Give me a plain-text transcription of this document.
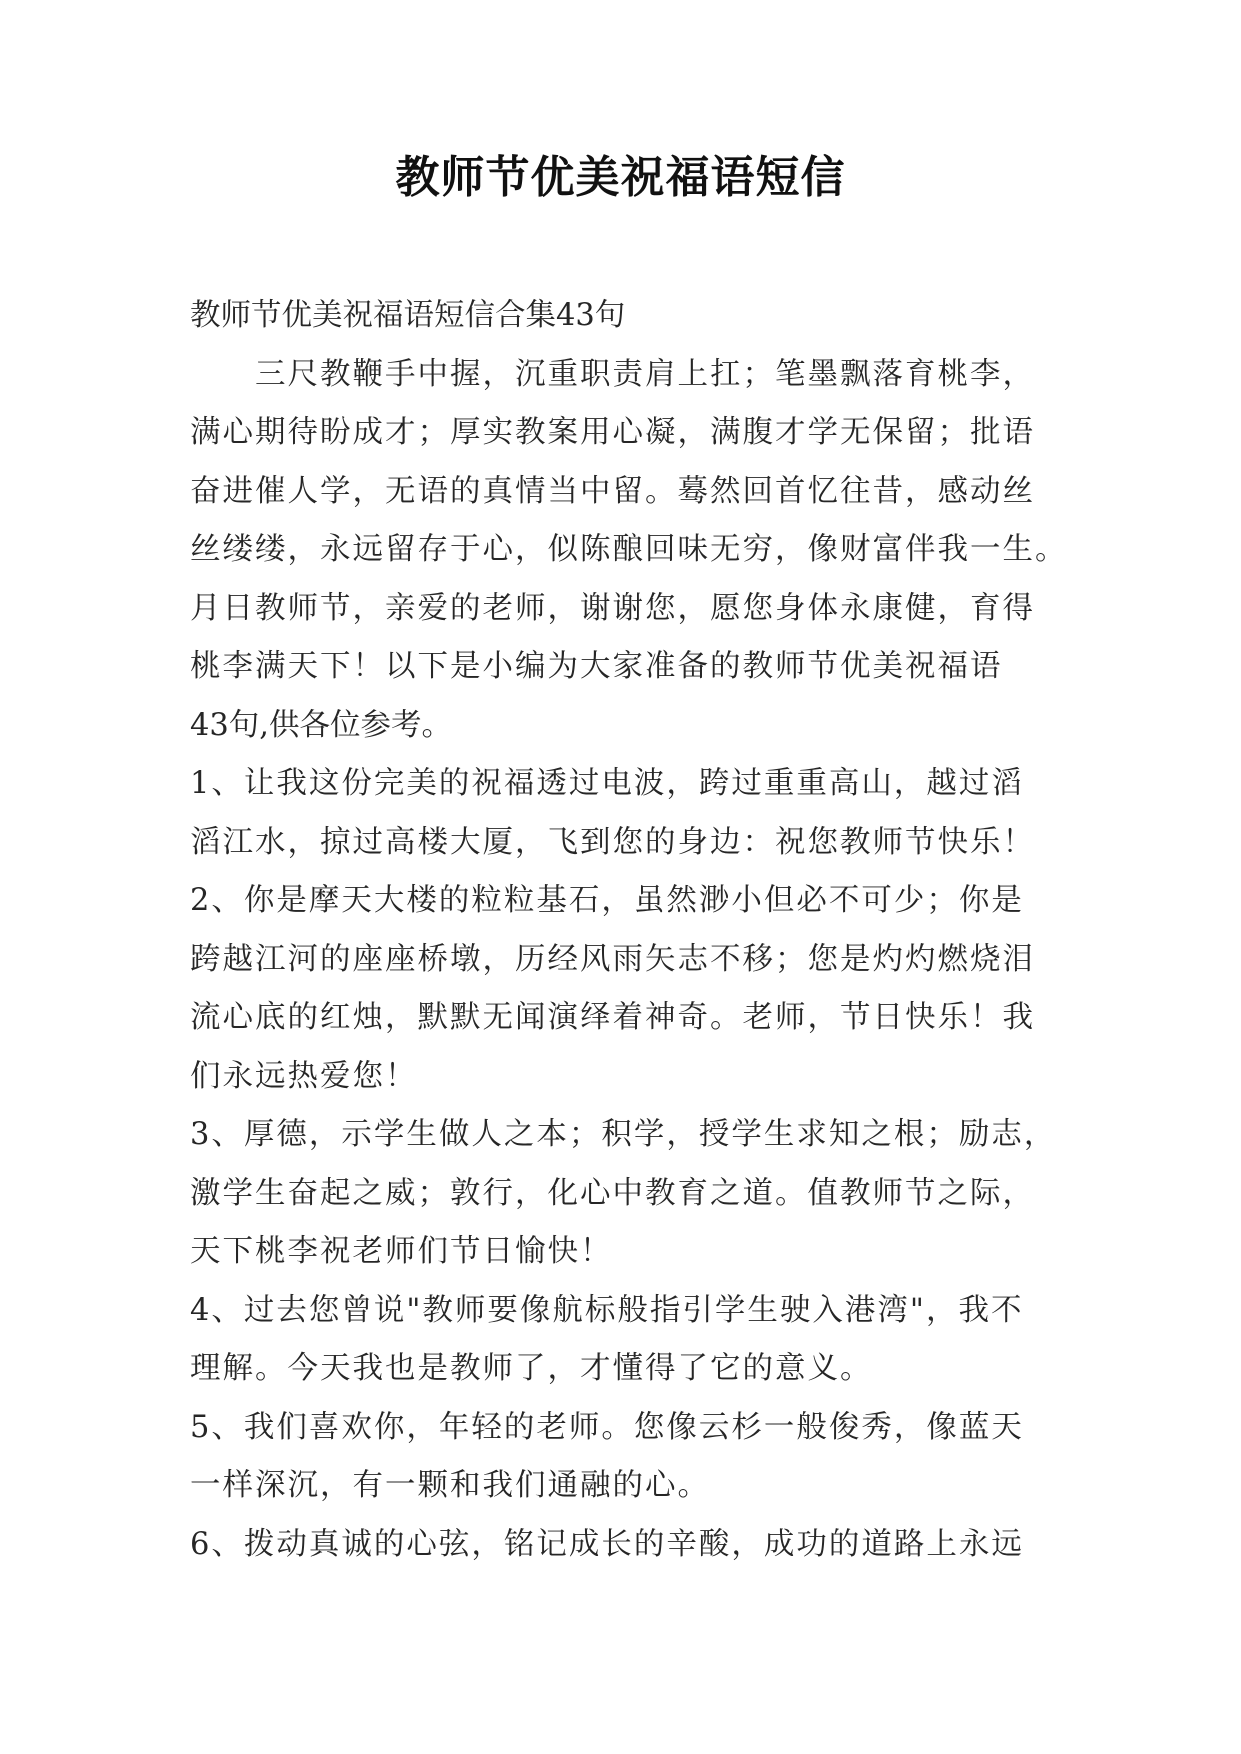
教师节优美祝福语短信
教师节优美祝福语短信合集43句
　　三尺教鞭手中握，沉重职责肩上扛；笔墨飘落育桃李，
满心期待盼成才；厚实教案用心凝，满腹才学无保留；批语
奋进催人学，无语的真情当中留。蓦然回首忆往昔，感动丝
丝缕缕，永远留存于心，似陈酿回味无穷，像财富伴我一生。
月日教师节，亲爱的老师，谢谢您，愿您身体永康健，育得
桃李满天下！以下是小编为大家准备的教师节优美祝福语
43句,供各位参考。
1、让我这份完美的祝福透过电波，跨过重重高山，越过滔
滔江水，掠过高楼大厦，飞到您的身边：祝您教师节快乐！
2、你是摩天大楼的粒粒基石，虽然渺小但必不可少；你是
跨越江河的座座桥墩，历经风雨矢志不移；您是灼灼燃烧泪
流心底的红烛，默默无闻演绎着神奇。老师，节日快乐！我
们永远热爱您！
3、厚德，示学生做人之本；积学，授学生求知之根；励志，
激学生奋起之威；敦行，化心中教育之道。值教师节之际，
天下桃李祝老师们节日愉快！
4、过去您曾说"教师要像航标般指引学生驶入港湾"，我不
理解。今天我也是教师了，才懂得了它的意义。
5、我们喜欢你，年轻的老师。您像云杉一般俊秀，像蓝天
一样深沉，有一颗和我们通融的心。
6、拨动真诚的心弦，铭记成长的辛酸，成功的道路上永远
